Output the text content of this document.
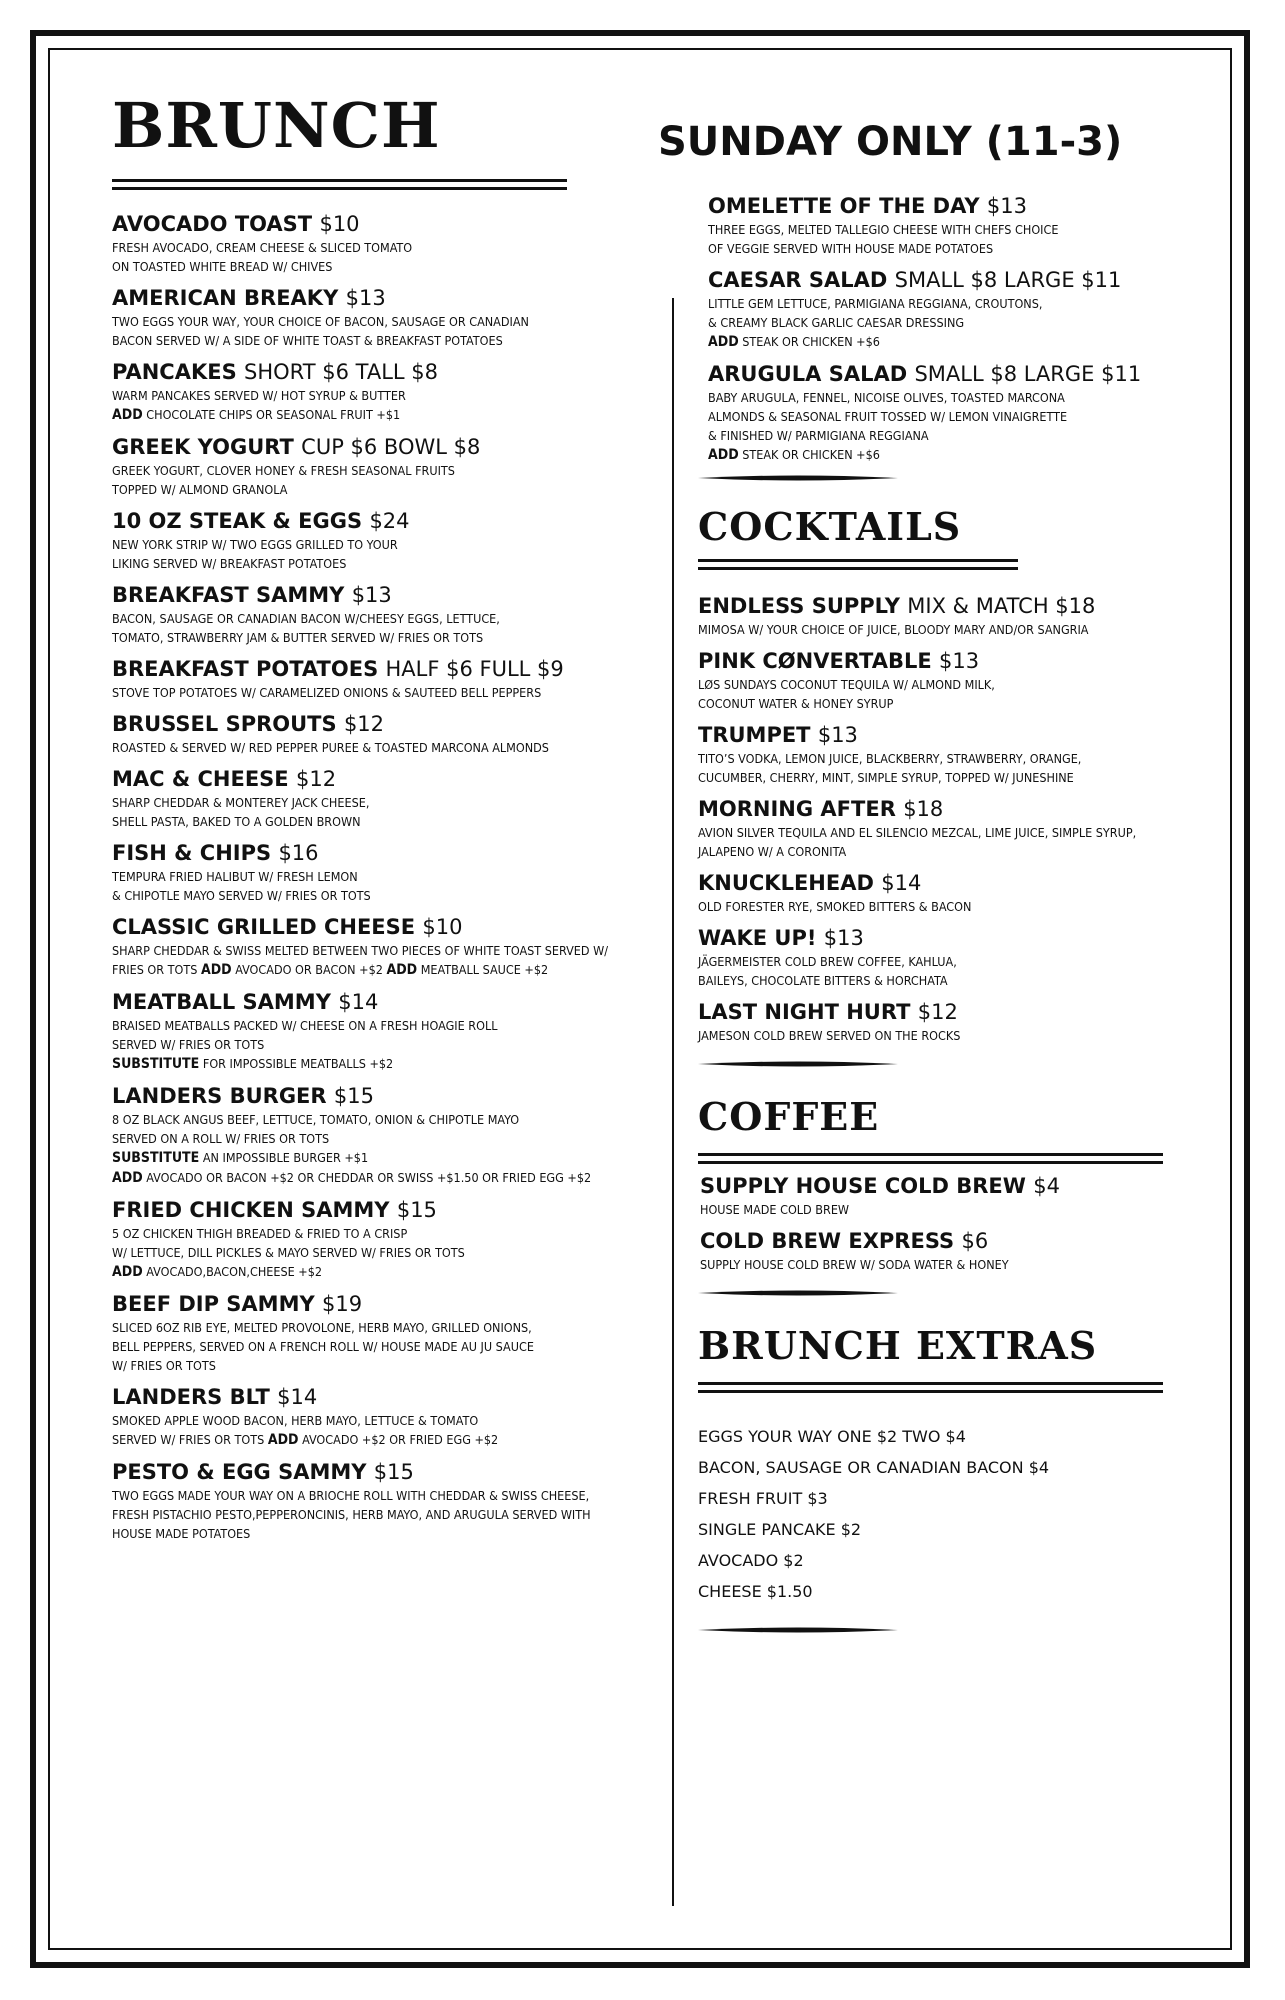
SUNDAY ONLY (11-3)
BRUNCH
AVOCADO TOAST $10
FRESH AVOCADO, CREAM CHEESE & SLICED TOMATO
ON TOASTED WHITE BREAD W/ CHIVES
AMERICAN BREAKY $13
TWO EGGS YOUR WAY, YOUR CHOICE OF BACON, SAUSAGE OR CANADIAN
BACON SERVED W/ A SIDE OF WHITE TOAST & BREAKFAST POTATOES
PANCAKES SHORT $6 TALL $8
WARM PANCAKES SERVED W/ HOT SYRUP & BUTTER
ADD CHOCOLATE CHIPS OR SEASONAL FRUIT +$1
GREEK YOGURT CUP $6 BOWL $8
GREEK YOGURT, CLOVER HONEY & FRESH SEASONAL FRUITS
TOPPED W/ ALMOND GRANOLA
10 OZ STEAK & EGGS $24
NEW YORK STRIP W/ TWO EGGS GRILLED TO YOUR
LIKING SERVED W/ BREAKFAST POTATOES
BREAKFAST SAMMY $13
BACON, SAUSAGE OR CANADIAN BACON W/CHEESY EGGS, LETTUCE,
TOMATO, STRAWBERRY JAM & BUTTER SERVED W/ FRIES OR TOTS
BREAKFAST POTATOES HALF $6 FULL $9
STOVE TOP POTATOES W/ CARAMELIZED ONIONS & SAUTEED BELL PEPPERS
BRUSSEL SPROUTS $12
ROASTED & SERVED W/ RED PEPPER PUREE & TOASTED MARCONA ALMONDS
MAC & CHEESE $12
SHARP CHEDDAR & MONTEREY JACK CHEESE,
SHELL PASTA, BAKED TO A GOLDEN BROWN
FISH & CHIPS $16
TEMPURA FRIED HALIBUT W/ FRESH LEMON
& CHIPOTLE MAYO SERVED W/ FRIES OR TOTS
CLASSIC GRILLED CHEESE $10
SHARP CHEDDAR & SWISS MELTED BETWEEN TWO PIECES OF WHITE TOAST SERVED W/
FRIES OR TOTS ADD AVOCADO OR BACON +$2 ADD MEATBALL SAUCE +$2
MEATBALL SAMMY $14
BRAISED MEATBALLS PACKED W/ CHEESE ON A FRESH HOAGIE ROLL
SERVED W/ FRIES OR TOTS
SUBSTITUTE FOR IMPOSSIBLE MEATBALLS +$2
LANDERS BURGER $15
8 OZ BLACK ANGUS BEEF, LETTUCE, TOMATO, ONION & CHIPOTLE MAYO
SERVED ON A ROLL W/ FRIES OR TOTS
SUBSTITUTE AN IMPOSSIBLE BURGER +$1
ADD AVOCADO OR BACON +$2 OR CHEDDAR OR SWISS +$1.50 OR FRIED EGG +$2
FRIED CHICKEN SAMMY $15
5 OZ CHICKEN THIGH BREADED & FRIED TO A CRISP
W/ LETTUCE, DILL PICKLES & MAYO SERVED W/ FRIES OR TOTS
ADD AVOCADO,BACON,CHEESE +$2
BEEF DIP SAMMY $19
SLICED 6OZ RIB EYE, MELTED PROVOLONE, HERB MAYO, GRILLED ONIONS,
BELL PEPPERS, SERVED ON A FRENCH ROLL W/ HOUSE MADE AU JU SAUCE
W/ FRIES OR TOTS
LANDERS BLT $14
SMOKED APPLE WOOD BACON, HERB MAYO, LETTUCE & TOMATO
SERVED W/ FRIES OR TOTS ADD AVOCADO +$2 OR FRIED EGG +$2
PESTO & EGG SAMMY $15
TWO EGGS MADE YOUR WAY ON A BRIOCHE ROLL WITH CHEDDAR & SWISS CHEESE,
FRESH PISTACHIO PESTO,PEPPERONCINIS, HERB MAYO, AND ARUGULA SERVED WITH
HOUSE MADE POTATOES
OMELETTE OF THE DAY $13
THREE EGGS, MELTED TALLEGIO CHEESE WITH CHEFS CHOICE
OF VEGGIE SERVED WITH HOUSE MADE POTATOES
CAESAR SALAD SMALL $8 LARGE $11
LITTLE GEM LETTUCE, PARMIGIANA REGGIANA, CROUTONS,
& CREAMY BLACK GARLIC CAESAR DRESSING
ADD STEAK OR CHICKEN +$6
ARUGULA SALAD SMALL $8 LARGE $11
BABY ARUGULA, FENNEL, NICOISE OLIVES, TOASTED MARCONA
ALMONDS & SEASONAL FRUIT TOSSED W/ LEMON VINAIGRETTE
& FINISHED W/ PARMIGIANA REGGIANA
ADD STEAK OR CHICKEN +$6
COCKTAILS
ENDLESS SUPPLY MIX & MATCH $18
MIMOSA W/ YOUR CHOICE OF JUICE, BLOODY MARY AND/OR SANGRIA
PINK CØNVERTABLE $13
LØS SUNDAYS COCONUT TEQUILA W/ ALMOND MILK,
COCONUT WATER & HONEY SYRUP
TRUMPET $13
TITO’S VODKA, LEMON JUICE, BLACKBERRY, STRAWBERRY, ORANGE,
CUCUMBER, CHERRY, MINT, SIMPLE SYRUP, TOPPED W/ JUNESHINE
MORNING AFTER $18
AVION SILVER TEQUILA AND EL SILENCIO MEZCAL, LIME JUICE, SIMPLE SYRUP,
JALAPENO W/ A CORONITA
KNUCKLEHEAD $14
OLD FORESTER RYE, SMOKED BITTERS & BACON
WAKE UP! $13
JÄGERMEISTER COLD BREW COFFEE, KAHLUA,
BAILEYS, CHOCOLATE BITTERS & HORCHATA
LAST NIGHT HURT $12
JAMESON COLD BREW SERVED ON THE ROCKS
COFFEE
SUPPLY HOUSE COLD BREW $4
HOUSE MADE COLD BREW
COLD BREW EXPRESS $6
SUPPLY HOUSE COLD BREW W/ SODA WATER & HONEY
BRUNCH EXTRAS
EGGS YOUR WAY ONE $2 TWO $4
BACON, SAUSAGE OR CANADIAN BACON $4
FRESH FRUIT $3
SINGLE PANCAKE $2
AVOCADO $2
CHEESE $1.50
